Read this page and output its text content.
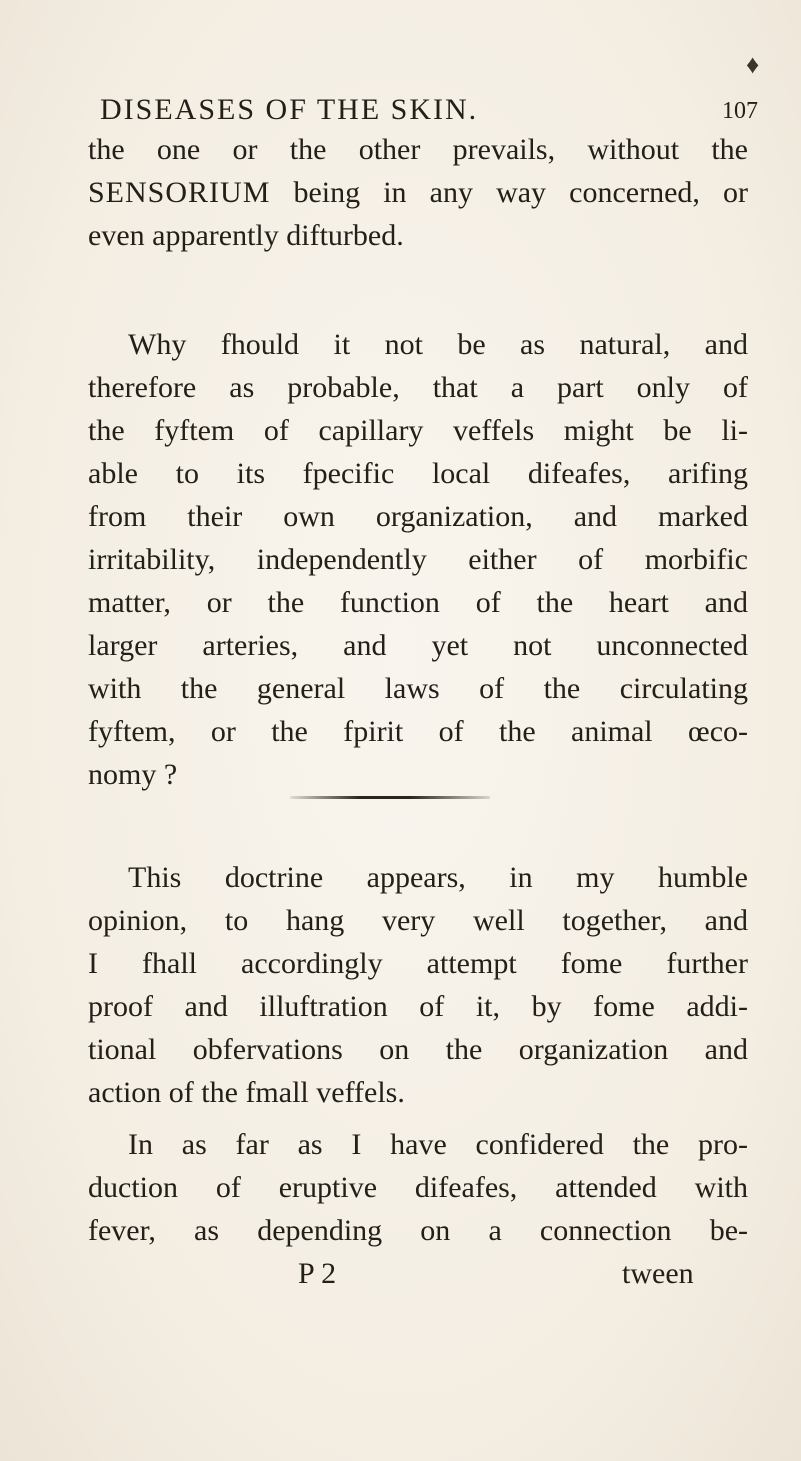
♦
DISEASES OF THE SKIN.	107
the one or the other prevails, without the
SENSORIUM being in any way concerned, or
even apparently difturbed.
Why fhould it not be as natural, and
therefore as probable, that a part only of
the fyftem of capillary veffels might be li-
able to its fpecific local difeafes, arifing
from their own organization, and marked
irritability, independently either of morbific
matter, or the function of the heart and
larger arteries, and yet not unconnected
with the general laws of the circulating
fyftem, or the fpirit of the animal œco-
nomy ?
This doctrine appears, in my humble
opinion, to hang very well together, and
I fhall accordingly attempt fome further
proof and illuftration of it, by fome addi-
tional obfervations on the organization and
action of the fmall veffels.
In as far as I have confidered the pro-
duction of eruptive difeafes, attended with
fever, as depending on a connection be-
P 2	tween
